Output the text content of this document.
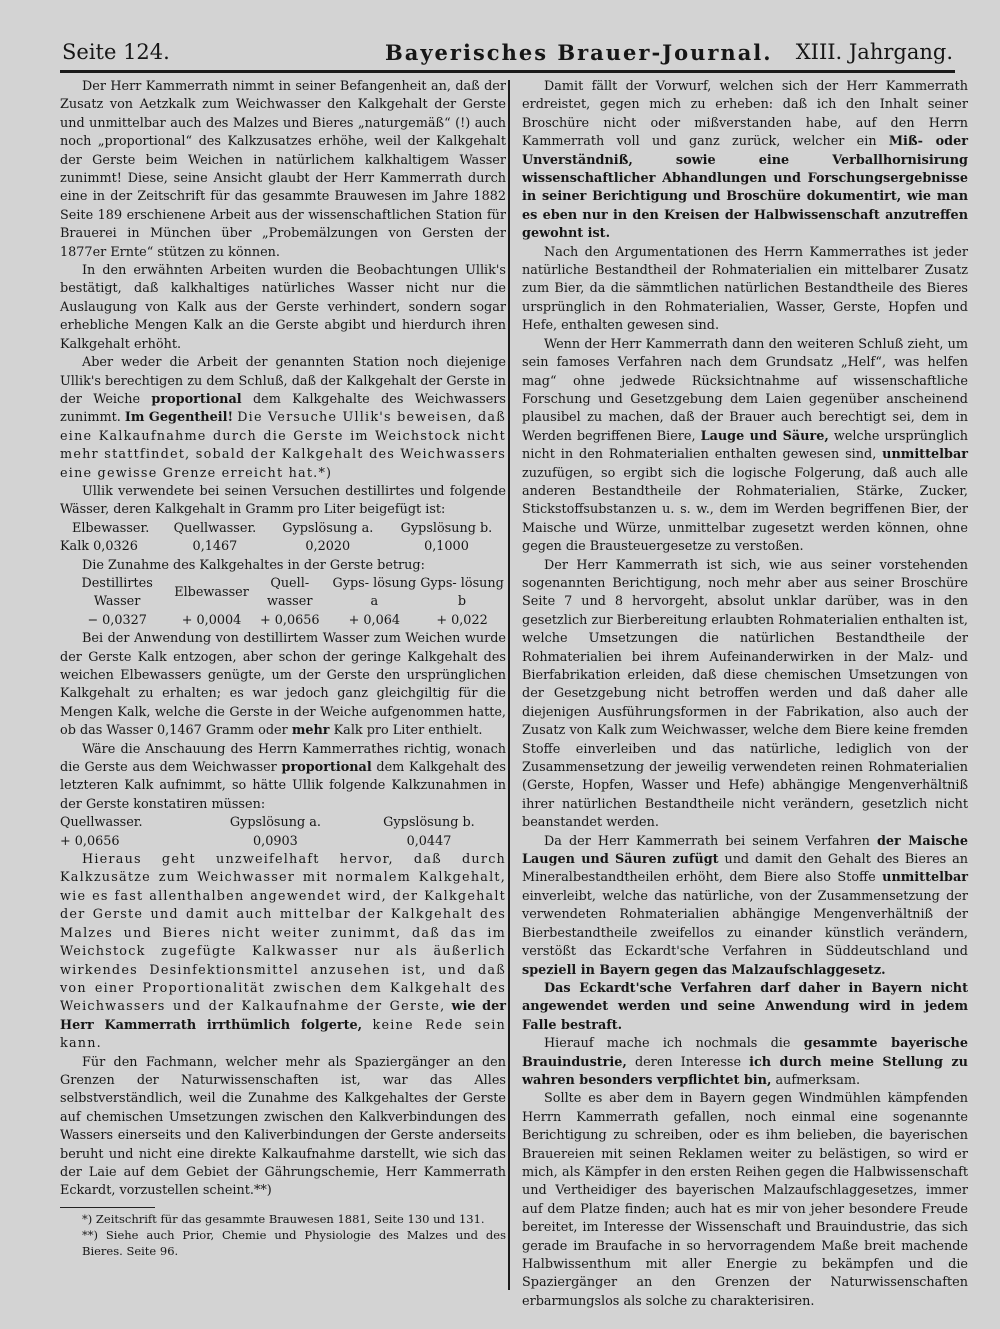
Seite 124.	Bayerisches Brauer-Journal. XIII. Jahrgang.

Der Herr Kammerrath nimmt in seiner Befangenheit an, daß der Zusatz von Aetzkalk zum Weichwasser den Kalkgehalt der Gerste und unmittelbar auch des Malzes und Bieres „naturgemäß“ (!) auch noch „proportional“ des Kalkzusatzes erhöhe, weil der Kalkgehalt der Gerste beim Weichen in natürlichem kalkhaltigem Wasser zunimmt! Diese, seine Ansicht glaubt der Herr Kammerrath durch eine in der Zeitschrift für das gesammte Brauwesen im Jahre 1882 Seite 189 erschienene Arbeit aus der wissenschaftlichen Station für Brauerei in München über „Probemälzungen von Gersten der 1877er Ernte“ stützen zu können.

In den erwähnten Arbeiten wurden die Beobachtungen Ullik's bestätigt, daß kalkhaltiges natürliches Wasser nicht nur die Auslaugung von Kalk aus der Gerste verhindert, sondern sogar erhebliche Mengen Kalk an die Gerste abgibt und hierdurch ihren Kalkgehalt erhöht.

Aber weder die Arbeit der genannten Station noch diejenige Ullik's berechtigen zu dem Schluß, daß der Kalkgehalt der Gerste in der Weiche proportional dem Kalkgehalte des Weichwassers zunimmt. Im Gegentheil! Die Versuche Ullik's beweisen, daß eine Kalkaufnahme durch die Gerste im Weichstock nicht mehr stattfindet, sobald der Kalkgehalt des Weichwassers eine gewisse Grenze erreicht hat.*)

Ullik verwendete bei seinen Versuchen destillirtes und folgende Wässer, deren Kalkgehalt in Gramm pro Liter beigefügt ist:

Elbewasser.	Quellwasser.	Gypslösung a.	Gypslösung b.
Kalk 0,0326	0,1467	0,2020	0,1000

Die Zunahme des Kalkgehaltes in der Gerste betrug:

Destillirtes Wasser	Elbewasser	Quell- wasser	Gyps- lösung a	Gyps- lösung b
− 0,0327	+ 0,0004	+ 0,0656	+ 0,064	+ 0,022

Bei der Anwendung von destillirtem Wasser zum Weichen wurde der Gerste Kalk entzogen, aber schon der geringe Kalkgehalt des weichen Elbewassers genügte, um der Gerste den ursprünglichen Kalkgehalt zu erhalten; es war jedoch ganz gleichgiltig für die Mengen Kalk, welche die Gerste in der Weiche aufgenommen hatte, ob das Wasser 0,1467 Gramm oder mehr Kalk pro Liter enthielt.

Wäre die Anschauung des Herrn Kammerrathes richtig, wonach die Gerste aus dem Weichwasser proportional dem Kalkgehalt des letzteren Kalk aufnimmt, so hätte Ullik folgende Kalkzunahmen in der Gerste konstatiren müssen:

Quellwasser.	Gypslösung a.	Gypslösung b.
+ 0,0656	0,0903	0,0447

Hieraus geht unzweifelhaft hervor, daß durch Kalkzusätze zum Weichwasser mit normalem Kalkgehalt, wie es fast allenthalben angewendet wird, der Kalkgehalt der Gerste und damit auch mittelbar der Kalkgehalt des Malzes und Bieres nicht weiter zunimmt, daß das im Weichstock zugefügte Kalkwasser nur als äußerlich wirkendes Desinfektionsmittel anzusehen ist, und daß von einer Proportionalität zwischen dem Kalkgehalt des Weichwassers und der Kalkaufnahme der Gerste, wie der Herr Kammerrath irrthümlich folgerte, keine Rede sein kann.

Für den Fachmann, welcher mehr als Spaziergänger an den Grenzen der Naturwissenschaften ist, war das Alles selbstverständlich, weil die Zunahme des Kalkgehaltes der Gerste auf chemischen Umsetzungen zwischen den Kalkverbindungen des Wassers einerseits und den Kaliverbindungen der Gerste anderseits beruht und nicht eine direkte Kalkaufnahme darstellt, wie sich das der Laie auf dem Gebiet der Gährungschemie, Herr Kammerrath Eckardt, vorzustellen scheint.**)

*) Zeitschrift für das gesammte Brauwesen 1881, Seite 130 und 131.

**) Siehe auch Prior, Chemie und Physiologie des Malzes und des Bieres. Seite 96.

Damit fällt der Vorwurf, welchen sich der Herr Kammerrath erdreistet, gegen mich zu erheben: daß ich den Inhalt seiner Broschüre nicht oder mißverstanden habe, auf den Herrn Kammerrath voll und ganz zurück, welcher ein Miß- oder Unverständniß, sowie eine Verballhornisirung wissenschaftlicher Abhandlungen und Forschungsergebnisse in seiner Berichtigung und Broschüre dokumentirt, wie man es eben nur in den Kreisen der Halbwissenschaft anzutreffen gewohnt ist.

Nach den Argumentationen des Herrn Kammerrathes ist jeder natürliche Bestandtheil der Rohmaterialien ein mittelbarer Zusatz zum Bier, da die sämmtlichen natürlichen Bestandtheile des Bieres ursprünglich in den Rohmaterialien, Wasser, Gerste, Hopfen und Hefe, enthalten gewesen sind.

Wenn der Herr Kammerrath dann den weiteren Schluß zieht, um sein famoses Verfahren nach dem Grundsatz „Helf“, was helfen mag“ ohne jedwede Rücksichtnahme auf wissenschaftliche Forschung und Gesetzgebung dem Laien gegenüber anscheinend plausibel zu machen, daß der Brauer auch berechtigt sei, dem in Werden begriffenen Biere, Lauge und Säure, welche ursprünglich nicht in den Rohmaterialien enthalten gewesen sind, unmittelbar zuzufügen, so ergibt sich die logische Folgerung, daß auch alle anderen Bestandtheile der Rohmaterialien, Stärke, Zucker, Stickstoffsubstanzen u. s. w., dem im Werden begriffenen Bier, der Maische und Würze, unmittelbar zugesetzt werden können, ohne gegen die Brausteuergesetze zu verstoßen.

Der Herr Kammerrath ist sich, wie aus seiner vorstehenden sogenannten Berichtigung, noch mehr aber aus seiner Broschüre Seite 7 und 8 hervorgeht, absolut unklar darüber, was in den gesetzlich zur Bierbereitung erlaubten Rohmaterialien enthalten ist, welche Umsetzungen die natürlichen Bestandtheile der Rohmaterialien bei ihrem Aufeinanderwirken in der Malz- und Bierfabrikation erleiden, daß diese chemischen Umsetzungen von der Gesetzgebung nicht betroffen werden und daß daher alle diejenigen Ausführungsformen in der Fabrikation, also auch der Zusatz von Kalk zum Weichwasser, welche dem Biere keine fremden Stoffe einverleiben und das natürliche, lediglich von der Zusammensetzung der jeweilig verwendeten reinen Rohmaterialien (Gerste, Hopfen, Wasser und Hefe) abhängige Mengenverhältniß ihrer natürlichen Bestandtheile nicht verändern, gesetzlich nicht beanstandet werden.

Da der Herr Kammerrath bei seinem Verfahren der Maische Laugen und Säuren zufügt und damit den Gehalt des Bieres an Mineralbestandtheilen erhöht, dem Biere also Stoffe unmittelbar einverleibt, welche das natürliche, von der Zusammensetzung der verwendeten Rohmaterialien abhängige Mengenverhältniß der Bierbestandtheile zweifellos zu einander künstlich verändern, verstößt das Eckardt'sche Verfahren in Süddeutschland und speziell in Bayern gegen das Malzaufschlaggesetz.

Das Eckardt'sche Verfahren darf daher in Bayern nicht angewendet werden und seine Anwendung wird in jedem Falle bestraft.

Hierauf mache ich nochmals die gesammte bayerische Brauindustrie, deren Interesse ich durch meine Stellung zu wahren besonders verpflichtet bin, aufmerksam.

Sollte es aber dem in Bayern gegen Windmühlen kämpfenden Herrn Kammerrath gefallen, noch einmal eine sogenannte Berichtigung zu schreiben, oder es ihm belieben, die bayerischen Brauereien mit seinen Reklamen weiter zu belästigen, so wird er mich, als Kämpfer in den ersten Reihen gegen die Halbwissenschaft und Vertheidiger des bayerischen Malzaufschlaggesetzes, immer auf dem Platze finden; auch hat es mir von jeher besondere Freude bereitet, im Interesse der Wissenschaft und Brauindustrie, das sich gerade im Braufache in so hervorragendem Maße breit machende Halbwissenthum mit aller Energie zu bekämpfen und die Spaziergänger an den Grenzen der Naturwissenschaften erbarmungslos als solche zu charakterisiren.
